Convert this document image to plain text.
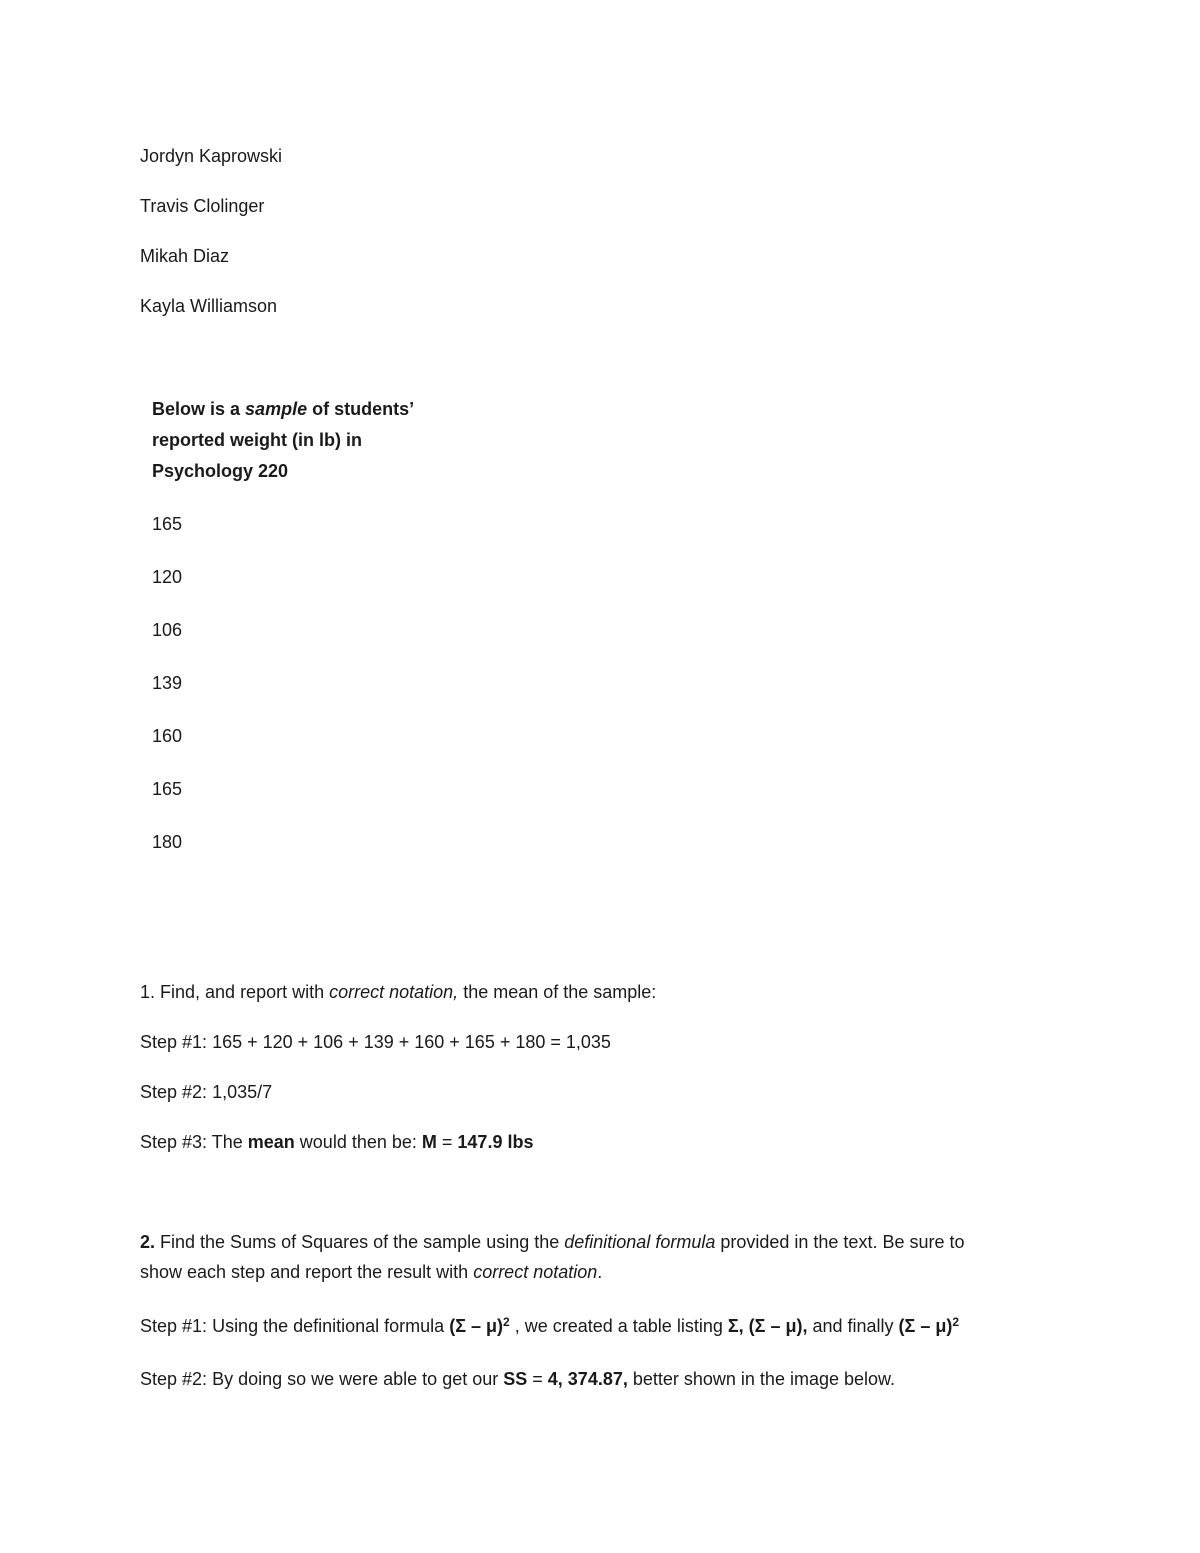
Jordyn Kaprowski
Travis Clolinger
Mikah Diaz
Kayla Williamson
Below is a sample of students’
reported weight (in lb) in
Psychology 220
165
120
106
139
160
165
180
1. Find, and report with correct notation, the mean of the sample:
Step #1: 165 + 120 + 106 + 139 + 160 + 165 + 180 = 1,035
Step #2: 1,035/7
Step #3: The mean would then be: M = 147.9 lbs
2. Find the Sums of Squares of the sample using the definitional formula provided in the text. Be sure to
show each step and report the result with correct notation.
Step #1: Using the definitional formula (Σ – μ)$^2$ , we created a table listing Σ, (Σ – μ), and finally (Σ – μ)$^2$
Step #2: By doing so we were able to get our SS = 4, 374.87, better shown in the image below.
